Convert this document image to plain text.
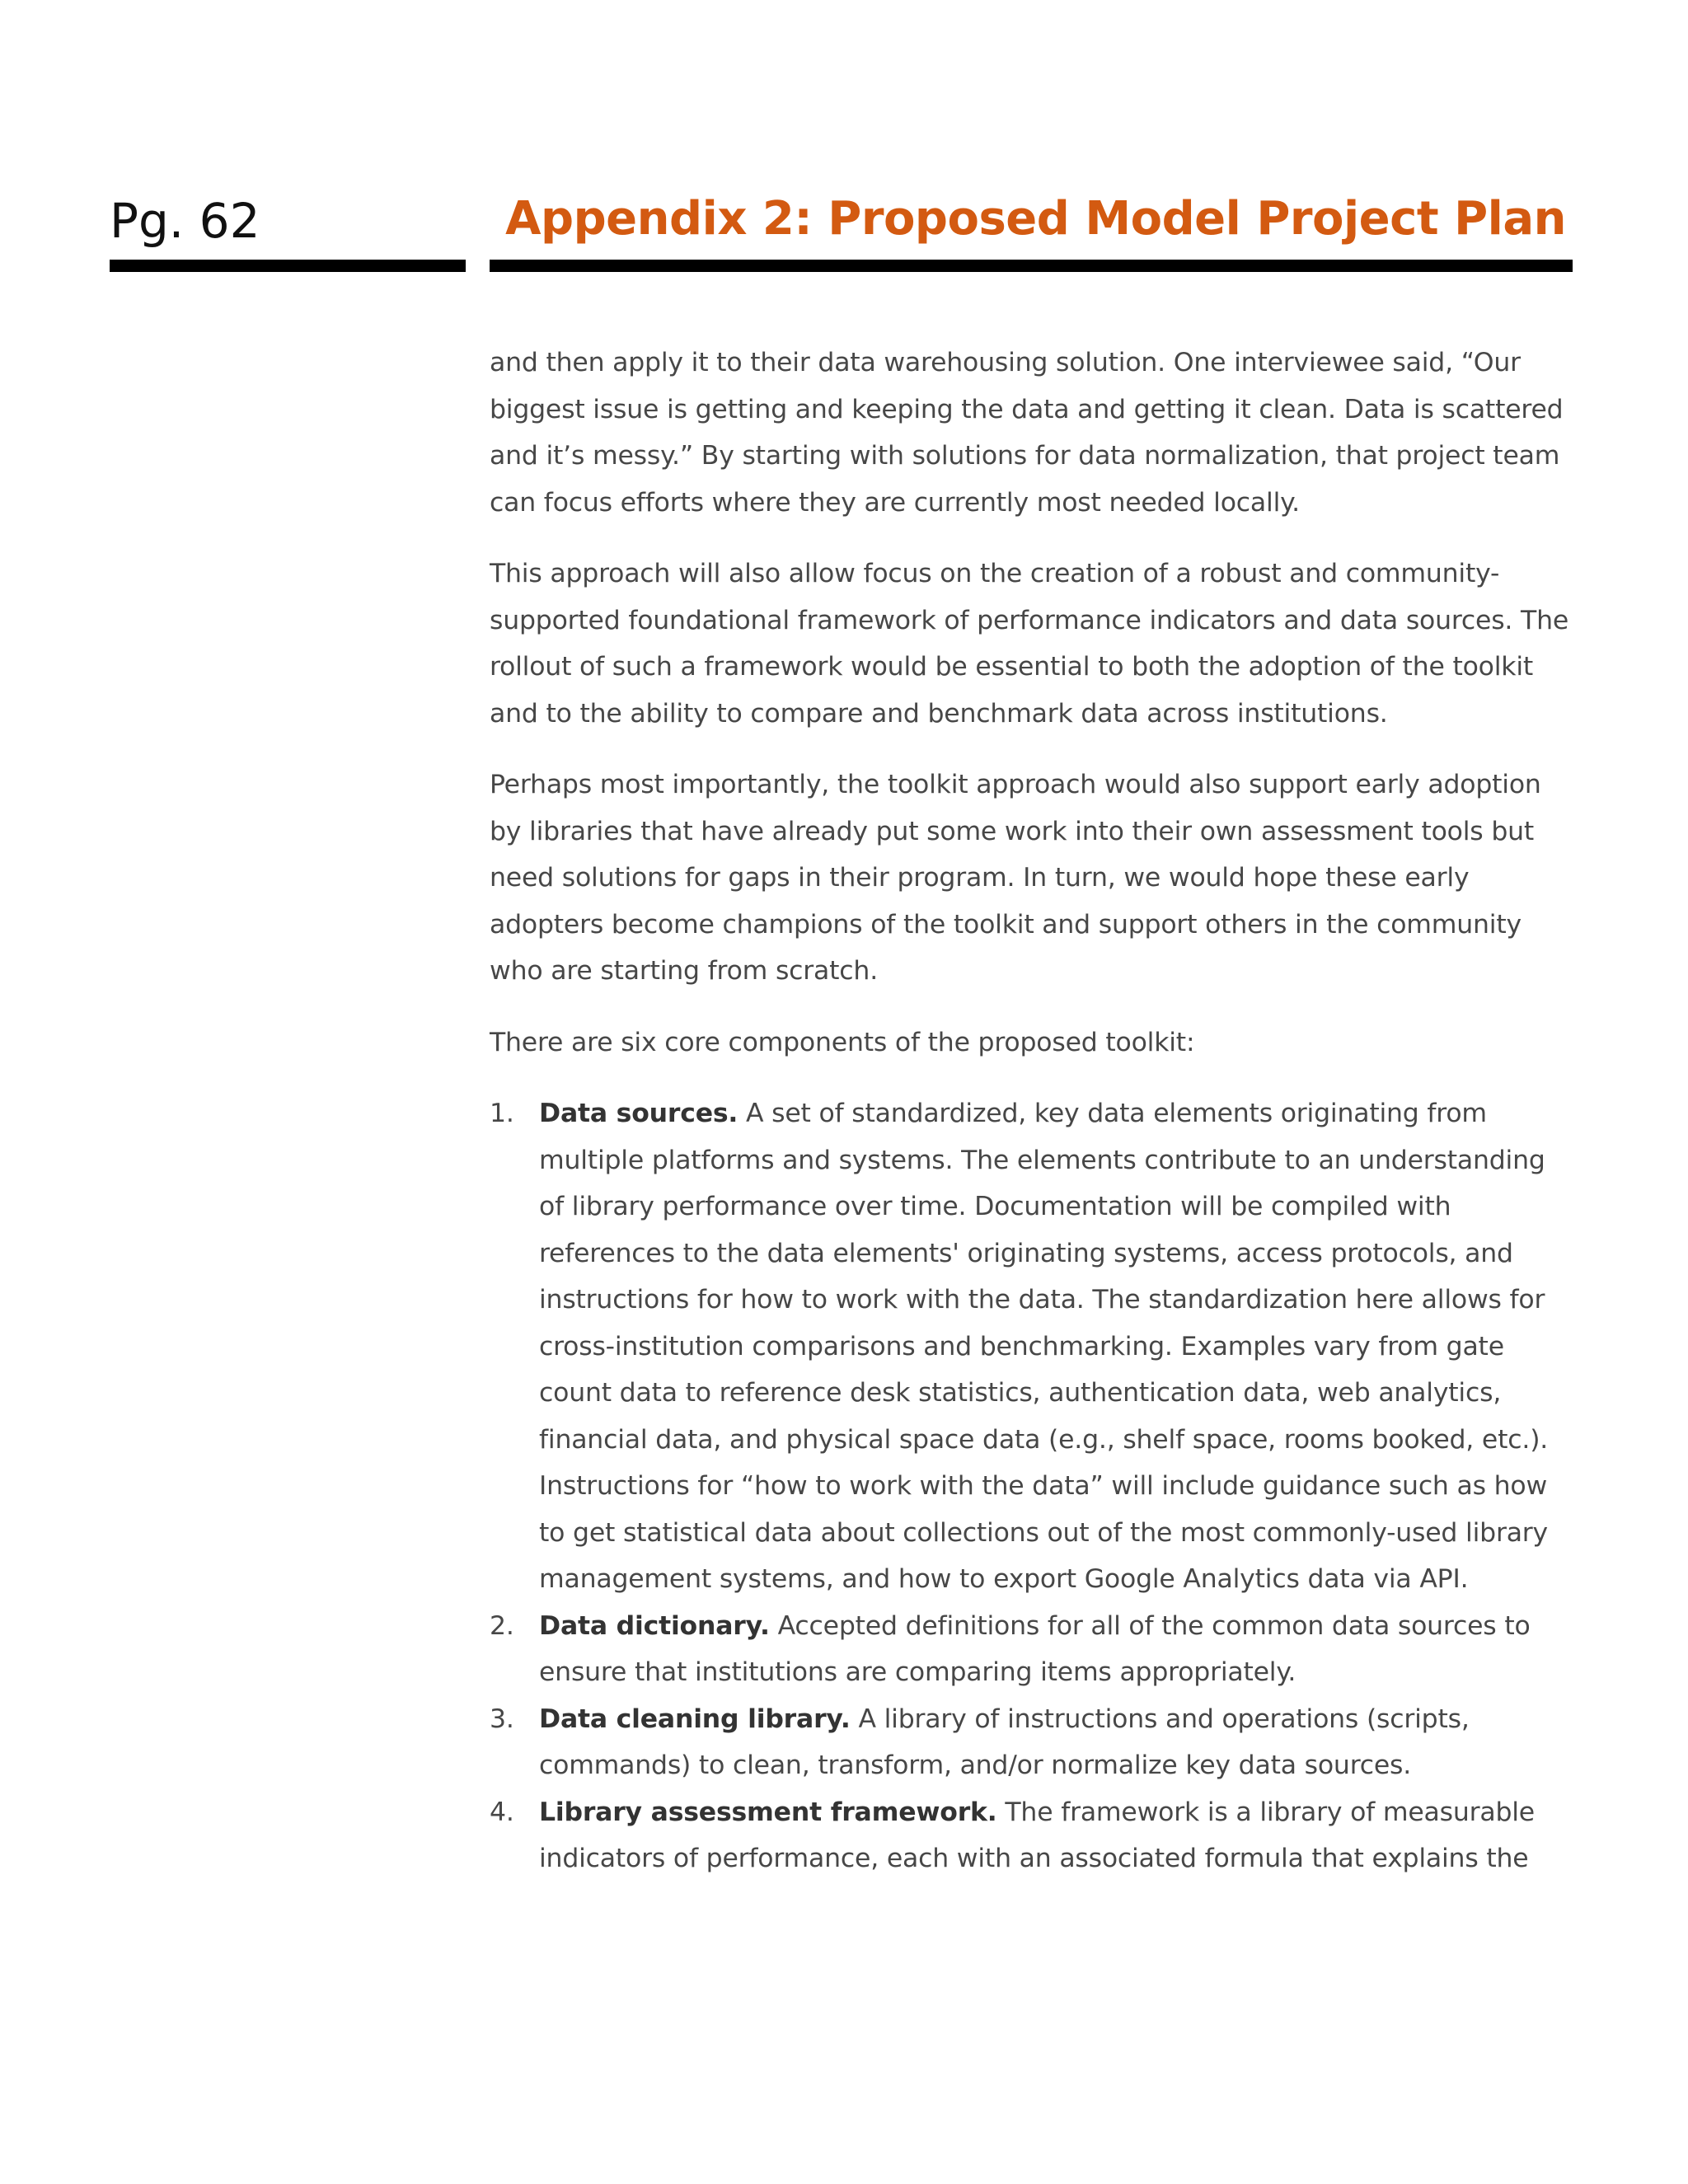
Pg. 62	Appendix 2: Proposed Model Project Plan

and then apply it to their data warehousing solution. One interviewee said, “Our biggest issue is getting and keeping the data and getting it clean. Data is scattered and it’s messy.” By starting with solutions for data normalization, that project team can focus efforts where they are currently most needed locally.

This approach will also allow focus on the creation of a robust and community-supported foundational framework of performance indicators and data sources. The rollout of such a framework would be essential to both the adoption of the toolkit and to the ability to compare and benchmark data across institutions.

Perhaps most importantly, the toolkit approach would also support early adoption by libraries that have already put some work into their own assessment tools but need solutions for gaps in their program. In turn, we would hope these early adopters become champions of the toolkit and support others in the community who are starting from scratch.

There are six core components of the proposed toolkit:

1. Data sources. A set of standardized, key data elements originating from multiple platforms and systems. The elements contribute to an understanding of library performance over time. Documentation will be compiled with references to the data elements' originating systems, access protocols, and instructions for how to work with the data. The standardization here allows for cross-institution comparisons and benchmarking. Examples vary from gate count data to reference desk statistics, authentication data, web analytics, financial data, and physical space data (e.g., shelf space, rooms booked, etc.). Instructions for “how to work with the data” will include guidance such as how to get statistical data about collections out of the most commonly-used library management systems, and how to export Google Analytics data via API.
2. Data dictionary. Accepted definitions for all of the common data sources to ensure that institutions are comparing items appropriately.
3. Data cleaning library. A library of instructions and operations (scripts, commands) to clean, transform, and/or normalize key data sources.
4. Library assessment framework. The framework is a library of measurable indicators of performance, each with an associated formula that explains the
